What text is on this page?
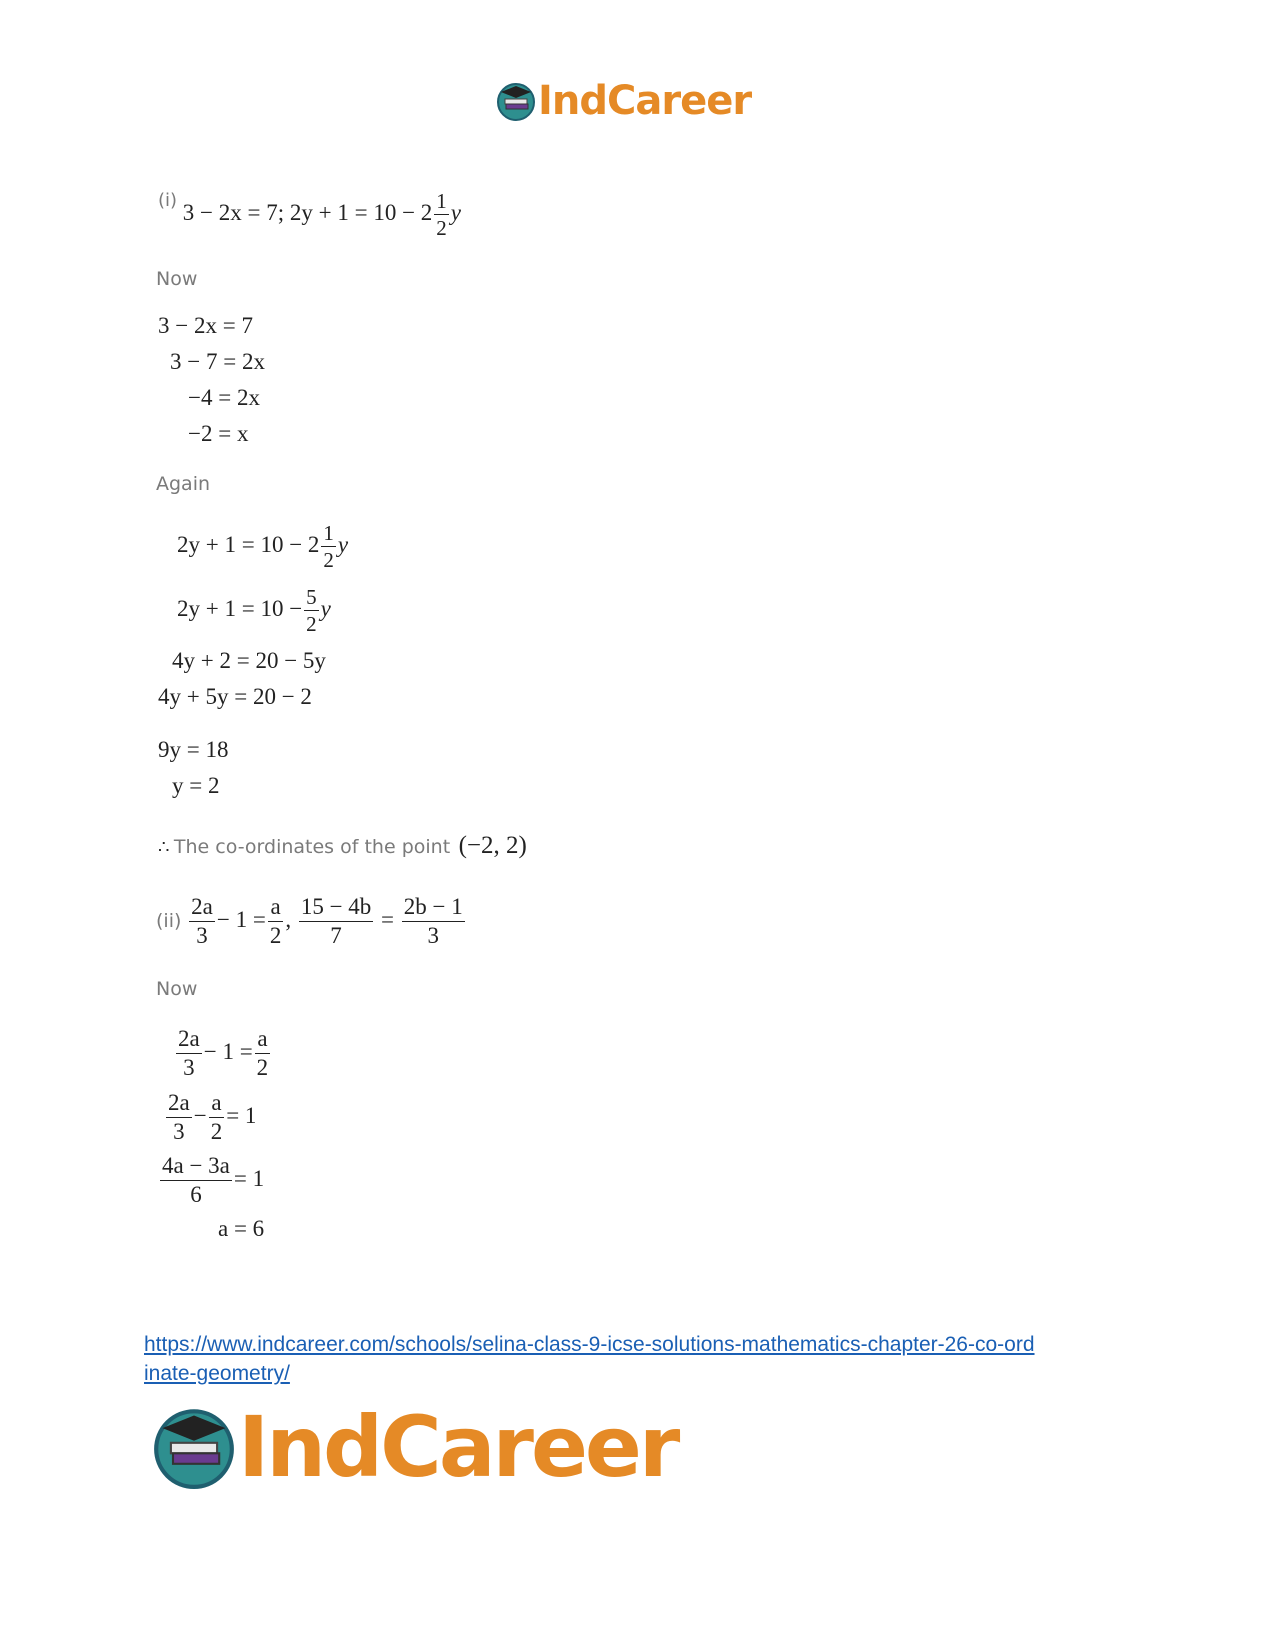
IndCareer
$^{(i)}$ 3 − 2x = 7; $2y + 1 = 10 - 2 \frac{1}{2}$ y
Now
3 − 2x = 7
3 − 7 = 2x
−4 = 2x
−2 = x
Again
$2y + 1 = 10 - 2 \frac{1}{2}$ y
$2y + 1 = 10 - \frac{5}{2}$ y
4y + 2 = 20 − 5y
4y + 5y = 20 − 2
9y = 18
y = 2
∴ The co-ordinates of the point (−2, 2)
$(ii) \frac{2a}{3} - 1 = \frac{a}{2}$ , $\frac{15 - 4b}{7} = \frac{2b - 1}{3}$
Now
$\frac{2a}{3} - 1 = \frac{a}{2}$
$\frac{2a}{3} - \frac{a}{2} = 1$
$\frac{4a - 3a}{6} = 1$
a = 6
https://www.indcareer.com/schools/selina-class-9-icse-solutions-mathematics-chapter-26-co-ord
inate-geometry/
IndCareer
